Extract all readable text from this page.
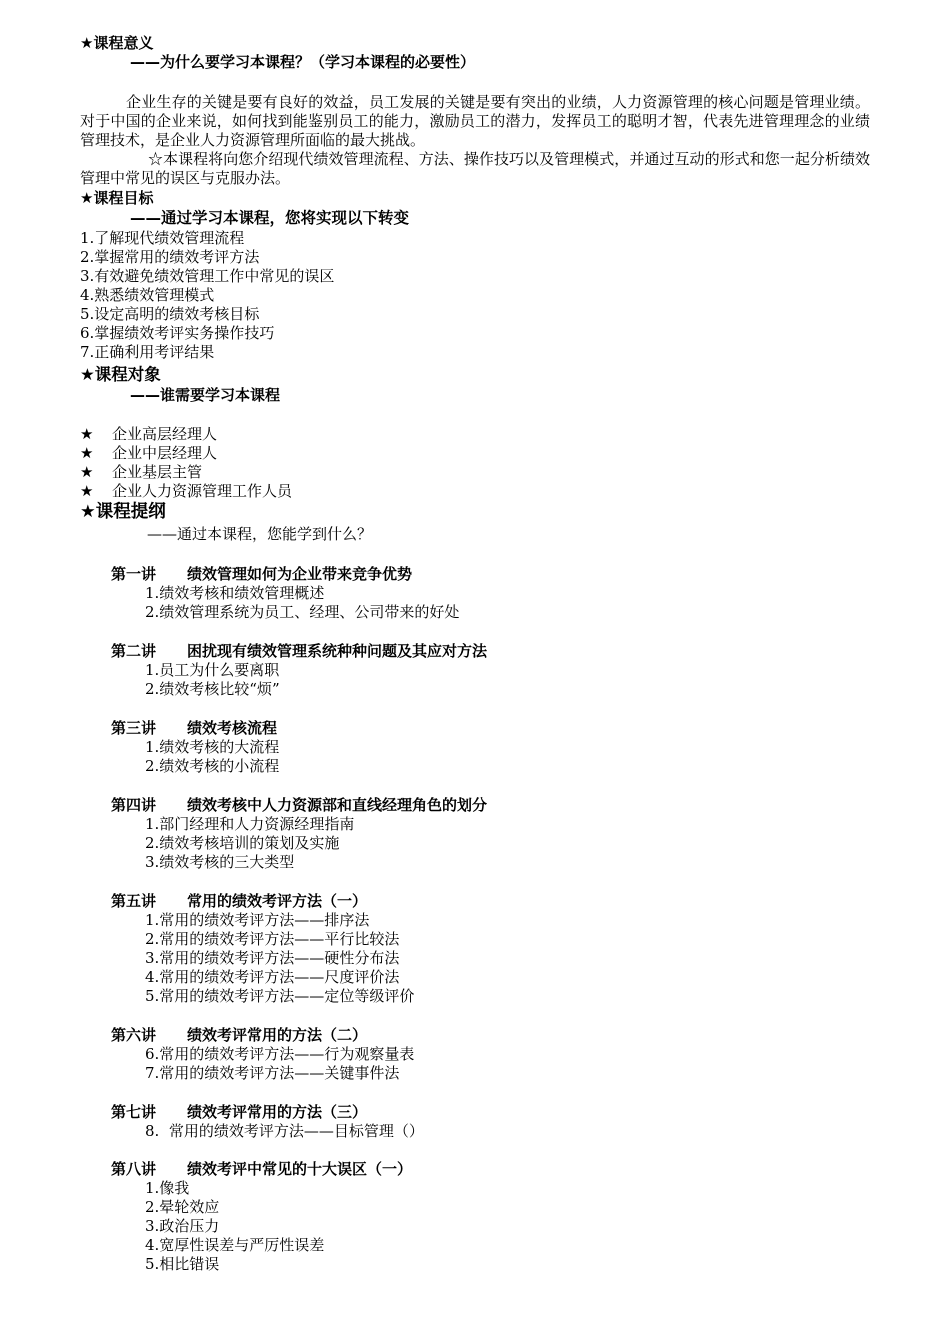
★课程意义
——为什么要学习本课程？（学习本课程的必要性）
企业生存的关键是要有良好的效益，员工发展的关键是要有突出的业绩，人力资源管理的核心问题是管理业绩。对于中国的企业来说，如何找到能鉴别员工的能力，激励员工的潜力，发挥员工的聪明才智，代表先进管理理念的业绩管理技术，是企业人力资源管理所面临的最大挑战。
☆本课程将向您介绍现代绩效管理流程、方法、操作技巧以及管理模式，并通过互动的形式和您一起分析绩效管理中常见的误区与克服办法。
★课程目标
——通过学习本课程，您将实现以下转变
1.了解现代绩效管理流程
2.掌握常用的绩效考评方法
3.有效避免绩效管理工作中常见的误区
4.熟悉绩效管理模式
5.设定高明的绩效考核目标
6.掌握绩效考评实务操作技巧
7.正确利用考评结果
★课程对象
——谁需要学习本课程
★ 企业高层经理人
★ 企业中层经理人
★ 企业基层主管
★ 企业人力资源管理工作人员
★课程提纲
——通过本课程，您能学到什么？
第一讲 绩效管理如何为企业带来竞争优势
1.绩效考核和绩效管理概述
2.绩效管理系统为员工、经理、公司带来的好处
第二讲 困扰现有绩效管理系统种种问题及其应对方法
1.员工为什么要离职
2.绩效考核比较“烦”
第三讲 绩效考核流程
1.绩效考核的大流程
2.绩效考核的小流程
第四讲 绩效考核中人力资源部和直线经理角色的划分
1.部门经理和人力资源经理指南
2.绩效考核培训的策划及实施
3.绩效考核的三大类型
第五讲 常用的绩效考评方法（一）
1.常用的绩效考评方法——排序法
2.常用的绩效考评方法——平行比较法
3.常用的绩效考评方法——硬性分布法
4.常用的绩效考评方法——尺度评价法
5.常用的绩效考评方法——定位等级评价
第六讲 绩效考评常用的方法（二）
6.常用的绩效考评方法——行为观察量表
7.常用的绩效考评方法——关键事件法
第七讲 绩效考评常用的方法（三）
8.  常用的绩效考评方法——目标管理（）
第八讲 绩效考评中常见的十大误区（一）
1.像我
2.晕轮效应
3.政治压力
4.宽厚性误差与严厉性误差
5.相比错误
